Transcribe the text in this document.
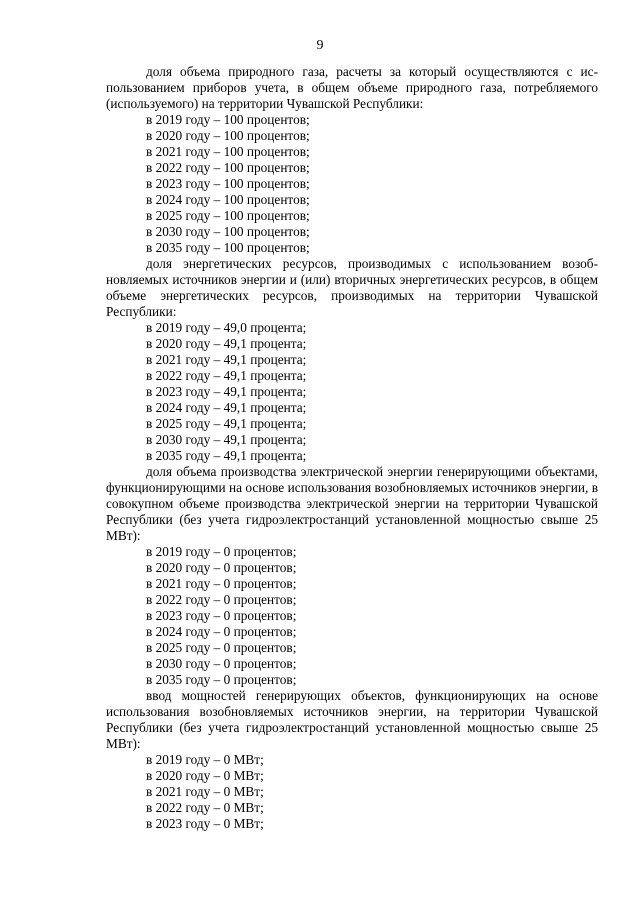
9

доля объема природного газа, расчеты за который осуществляются с использованием приборов учета, в общем объеме природного газа, потребляемого (используемого) на территории Чувашской Республики:

в 2019 году – 100 процентов;

в 2020 году – 100 процентов;

в 2021 году – 100 процентов;

в 2022 году – 100 процентов;

в 2023 году – 100 процентов;

в 2024 году – 100 процентов;

в 2025 году – 100 процентов;

в 2030 году – 100 процентов;

в 2035 году – 100 процентов;

доля энергетических ресурсов, производимых с использованием возобновляемых источников энергии и (или) вторичных энергетических ресурсов, в общем объеме энергетических ресурсов, производимых на территории Чувашской Республики:

в 2019 году – 49,0 процента;

в 2020 году – 49,1 процента;

в 2021 году – 49,1 процента;

в 2022 году – 49,1 процента;

в 2023 году – 49,1 процента;

в 2024 году – 49,1 процента;

в 2025 году – 49,1 процента;

в 2030 году – 49,1 процента;

в 2035 году – 49,1 процента;

доля объема производства электрической энергии генерирующими объектами, функционирующими на основе использования возобновляемых источников энергии, в совокупном объеме производства электрической энергии на территории Чувашской Республики (без учета гидроэлектростанций установленной мощностью свыше 25 МВт):

в 2019 году – 0 процентов;

в 2020 году – 0 процентов;

в 2021 году – 0 процентов;

в 2022 году – 0 процентов;

в 2023 году – 0 процентов;

в 2024 году – 0 процентов;

в 2025 году – 0 процентов;

в 2030 году – 0 процентов;

в 2035 году – 0 процентов;

ввод мощностей генерирующих объектов, функционирующих на основе использования возобновляемых источников энергии, на территории Чувашской Республики (без учета гидроэлектростанций установленной мощностью свыше 25 МВт):

в 2019 году – 0 МВт;

в 2020 году – 0 МВт;

в 2021 году – 0 МВт;

в 2022 году – 0 МВт;

в 2023 году – 0 МВт;
